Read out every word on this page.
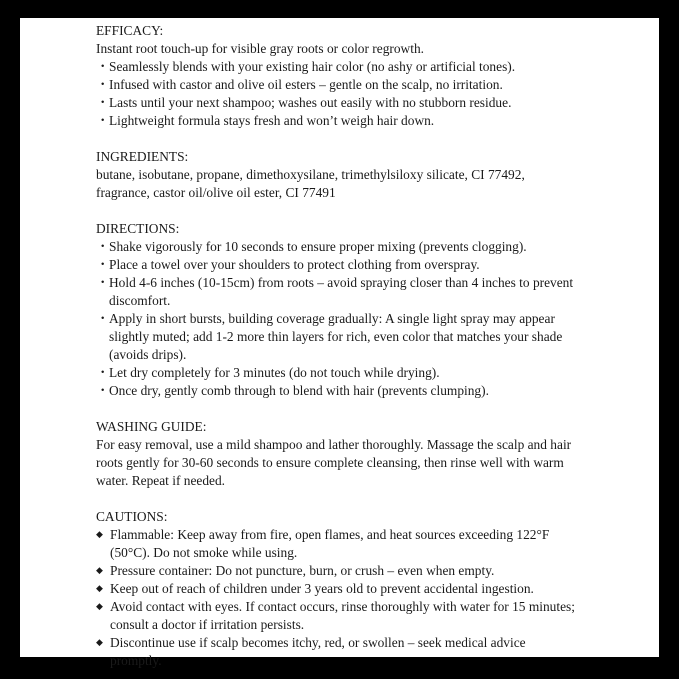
EFFICACY:
Instant root touch-up for visible gray roots or color regrowth.
・ Seamlessly blends with your existing hair color (no ashy or artificial tones).
・ Infused with castor and olive oil esters – gentle on the scalp, no irritation.
・ Lasts until your next shampoo; washes out easily with no stubborn residue.
・ Lightweight formula stays fresh and won’t weigh hair down.
INGREDIENTS:
butane, isobutane, propane, dimethoxysilane, trimethylsiloxy silicate, CI 77492, fragrance, castor oil/olive oil ester, CI 77491
DIRECTIONS:
・ Shake vigorously for 10 seconds to ensure proper mixing (prevents clogging).
・ Place a towel over your shoulders to protect clothing from overspray.
・ Hold 4-6 inches (10-15cm) from roots – avoid spraying closer than 4 inches to prevent discomfort.
・ Apply in short bursts, building coverage gradually: A single light spray may appear slightly muted; add 1-2 more thin layers for rich, even color that matches your shade (avoids drips).
・ Let dry completely for 3 minutes (do not touch while drying).
・ Once dry, gently comb through to blend with hair (prevents clumping).
WASHING GUIDE:
For easy removal, use a mild shampoo and lather thoroughly. Massage the scalp and hair roots gently for 30-60 seconds to ensure complete cleansing, then rinse well with warm water. Repeat if needed.
CAUTIONS:
◆ Flammable: Keep away from fire, open flames, and heat sources exceeding 122°F (50°C). Do not smoke while using.
◆ Pressure container: Do not puncture, burn, or crush – even when empty.
◆ Keep out of reach of children under 3 years old to prevent accidental ingestion.
◆ Avoid contact with eyes. If contact occurs, rinse thoroughly with water for 15 minutes; consult a doctor if irritation persists.
◆ Discontinue use if scalp becomes itchy, red, or swollen – seek medical advice promptly.
